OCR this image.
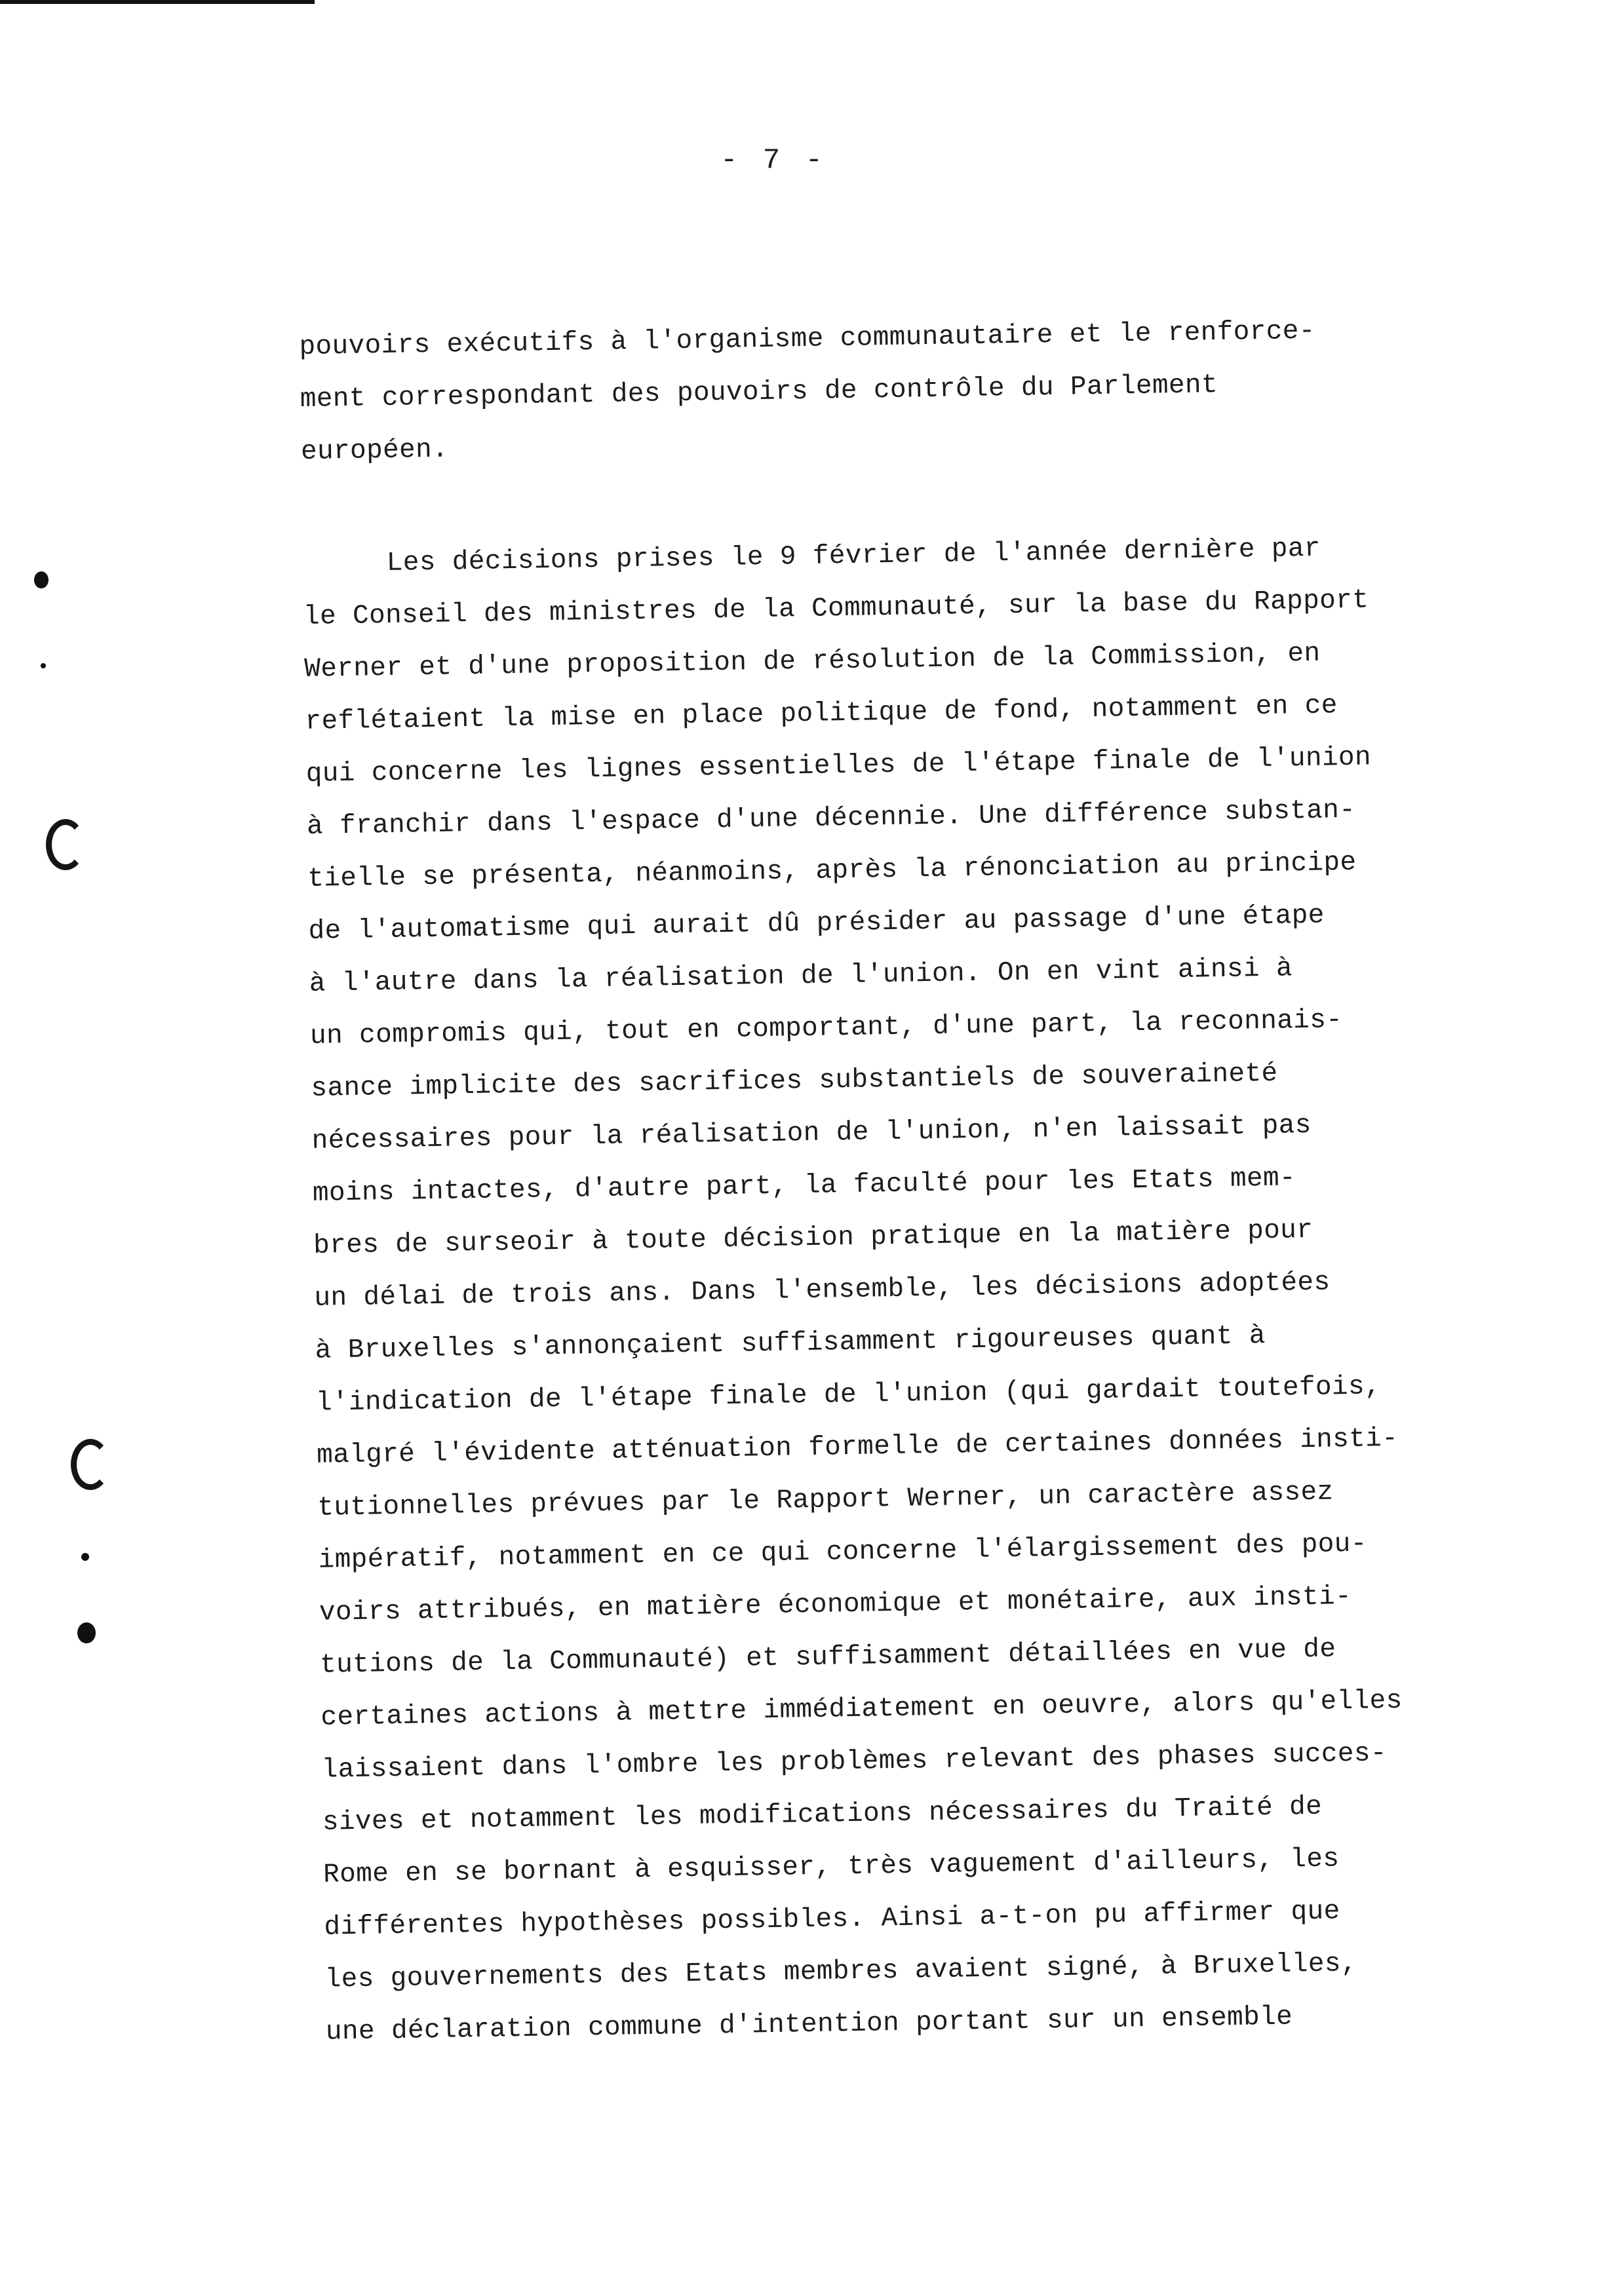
- 7 -
pouvoirs exécutifs à l'organisme communautaire et le renforce-
ment correspondant des pouvoirs de contrôle du Parlement
européen.
Les décisions prises le 9 février de l'année dernière par
le Conseil des ministres de la Communauté, sur la base du Rapport
Werner et d'une proposition de résolution de la Commission, en
reflétaient la mise en place politique de fond, notamment en ce
qui concerne les lignes essentielles de l'étape finale de l'union
à franchir dans l'espace d'une décennie. Une différence substan-
tielle se présenta, néanmoins, après la rénonciation au principe
de l'automatisme qui aurait dû présider au passage d'une étape
à l'autre dans la réalisation de l'union. On en vint ainsi à
un compromis qui, tout en comportant, d'une part, la reconnais-
sance implicite des sacrifices substantiels de souveraineté
nécessaires pour la réalisation de l'union, n'en laissait pas
moins intactes, d'autre part, la faculté pour les Etats mem-
bres de surseoir à toute décision pratique en la matière pour
un délai de trois ans. Dans l'ensemble, les décisions adoptées
à Bruxelles s'annonçaient suffisamment rigoureuses quant à
l'indication de l'étape finale de l'union (qui gardait toutefois,
malgré l'évidente atténuation formelle de certaines données insti-
tutionnelles prévues par le Rapport Werner, un caractère assez
impératif, notamment en ce qui concerne l'élargissement des pou-
voirs attribués, en matière économique et monétaire, aux insti-
tutions de la Communauté) et suffisamment détaillées en vue de
certaines actions à mettre immédiatement en oeuvre, alors qu'elles
laissaient dans l'ombre les problèmes relevant des phases succes-
sives et notamment les modifications nécessaires du Traité de
Rome en se bornant à esquisser, très vaguement d'ailleurs, les
différentes hypothèses possibles. Ainsi a-t-on pu affirmer que
les gouvernements des Etats membres avaient signé, à Bruxelles,
une déclaration commune d'intention portant sur un ensemble
